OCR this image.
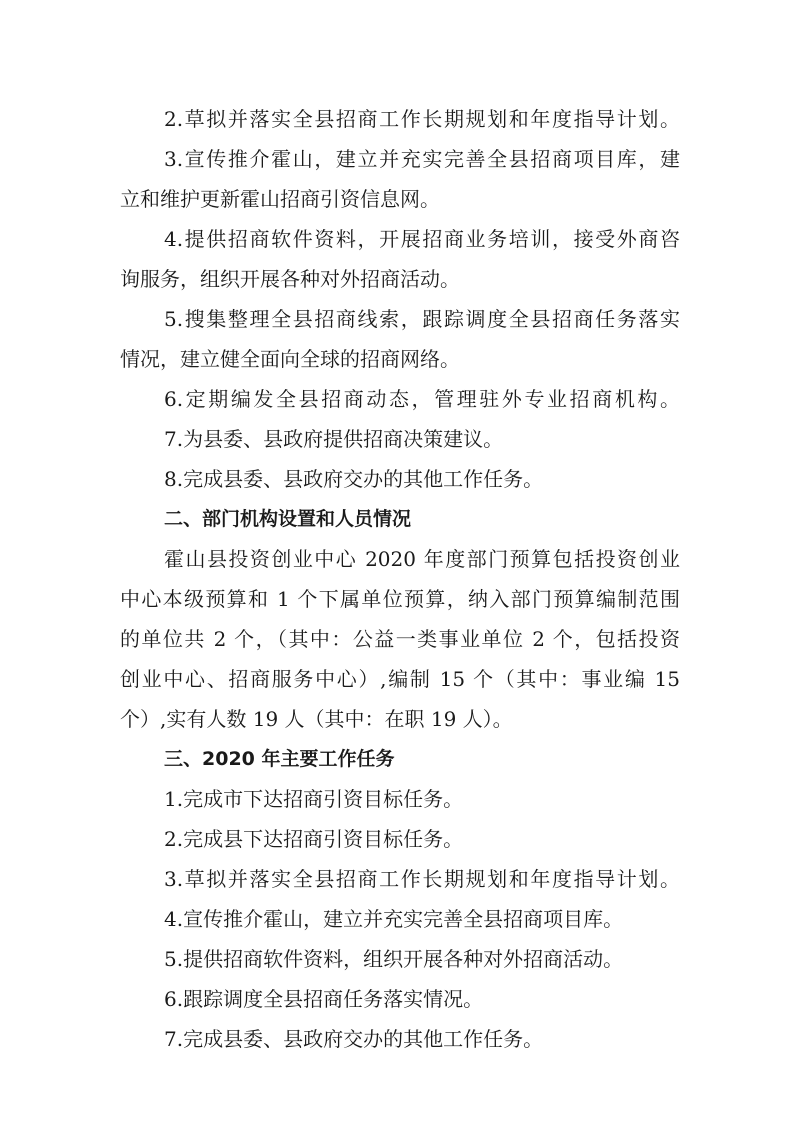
2.草拟并落实全县招商工作长期规划和年度指导计划。

3.宣传推介霍山，建立并充实完善全县招商项目库，建

立和维护更新霍山招商引资信息网。

4.提供招商软件资料，开展招商业务培训，接受外商咨

询服务，组织开展各种对外招商活动。

5.搜集整理全县招商线索，跟踪调度全县招商任务落实

情况，建立健全面向全球的招商网络。

6.定期编发全县招商动态，管理驻外专业招商机构。

7.为县委、县政府提供招商决策建议。

8.完成县委、县政府交办的其他工作任务。

二、部门机构设置和人员情况

霍山县投资创业中心 2020 年度部门预算包括投资创业

中心本级预算和 1 个下属单位预算，纳入部门预算编制范围

的单位共 2 个，（其中：公益一类事业单位 2 个，包括投资

创业中心、招商服务中心）,编制 15 个（其中：事业编 15

个）,实有人数 19 人（其中：在职 19 人）。

三、2020 年主要工作任务

1.完成市下达招商引资目标任务。

2.完成县下达招商引资目标任务。

3.草拟并落实全县招商工作长期规划和年度指导计划。

4.宣传推介霍山，建立并充实完善全县招商项目库。

5.提供招商软件资料，组织开展各种对外招商活动。

6.跟踪调度全县招商任务落实情况。

7.完成县委、县政府交办的其他工作任务。
